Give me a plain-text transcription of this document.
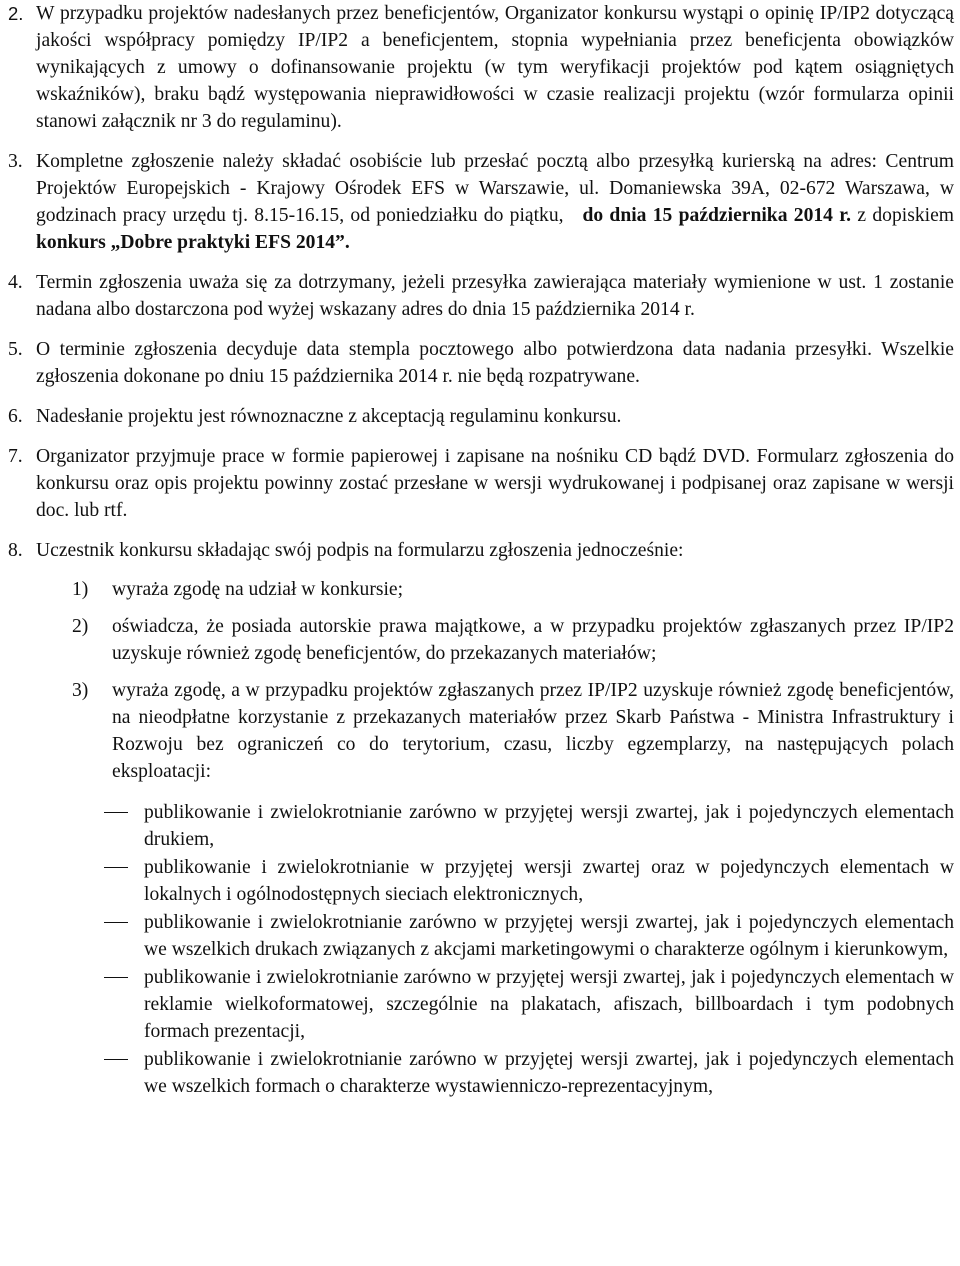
2. W przypadku projektów nadesłanych przez beneficjentów, Organizator konkursu wystąpi o opinię IP/IP2 dotyczącą jakości współpracy pomiędzy IP/IP2 a beneficjentem, stopnia wypełniania przez beneficjenta obowiązków wynikających z umowy o dofinansowanie projektu (w tym weryfikacji projektów pod kątem osiągniętych wskaźników), braku bądź występowania nieprawidłowości w czasie realizacji projektu (wzór formularza opinii stanowi załącznik nr 3 do regulaminu).
3. Kompletne zgłoszenie należy składać osobiście lub przesłać pocztą albo przesyłką kurierską na adres: Centrum Projektów Europejskich - Krajowy Ośrodek EFS w Warszawie, ul. Domaniewska 39A, 02-672 Warszawa, w godzinach pracy urzędu tj. 8.15-16.15, od poniedziałku do piątku, do dnia 15 października 2014 r. z dopiskiem konkurs „Dobre praktyki EFS 2014”.
4. Termin zgłoszenia uważa się za dotrzymany, jeżeli przesyłka zawierająca materiały wymienione w ust. 1 zostanie nadana albo dostarczona pod wyżej wskazany adres do dnia 15 października 2014 r.
5. O terminie zgłoszenia decyduje data stempla pocztowego albo potwierdzona data nadania przesyłki. Wszelkie zgłoszenia dokonane po dniu 15 października 2014 r. nie będą rozpatrywane.
6. Nadesłanie projektu jest równoznaczne z akceptacją regulaminu konkursu.
7. Organizator przyjmuje prace w formie papierowej i zapisane na nośniku CD bądź DVD. Formularz zgłoszenia do konkursu oraz opis projektu powinny zostać przesłane w wersji wydrukowanej i podpisanej oraz zapisane w wersji doc. lub rtf.
8. Uczestnik konkursu składając swój podpis na formularzu zgłoszenia jednocześnie:
1) wyraża zgodę na udział w konkursie;
2) oświadcza, że posiada autorskie prawa majątkowe, a w przypadku projektów zgłaszanych przez IP/IP2 uzyskuje również zgodę beneficjentów, do przekazanych materiałów;
3) wyraża zgodę, a w przypadku projektów zgłaszanych przez IP/IP2 uzyskuje również zgodę beneficjentów, na nieodpłatne korzystanie z przekazanych materiałów przez Skarb Państwa - Ministra Infrastruktury i Rozwoju bez ograniczeń co do terytorium, czasu, liczby egzemplarzy, na następujących polach eksploatacji:
publikowanie i zwielokrotnianie zarówno w przyjętej wersji zwartej, jak i pojedynczych elementach drukiem,
publikowanie i zwielokrotnianie w przyjętej wersji zwartej oraz w pojedynczych elementach w lokalnych i ogólnodostępnych sieciach elektronicznych,
publikowanie i zwielokrotnianie zarówno w przyjętej wersji zwartej, jak i pojedynczych elementach we wszelkich drukach związanych z akcjami marketingowymi o charakterze ogólnym i kierunkowym,
publikowanie i zwielokrotnianie zarówno w przyjętej wersji zwartej, jak i pojedynczych elementach w reklamie wielkoformatowej, szczególnie na plakatach, afiszach, billboardach i tym podobnych formach prezentacji,
publikowanie i zwielokrotnianie zarówno w przyjętej wersji zwartej, jak i pojedynczych elementach we wszelkich formach o charakterze wystawienniczo-reprezentacyjnym,
